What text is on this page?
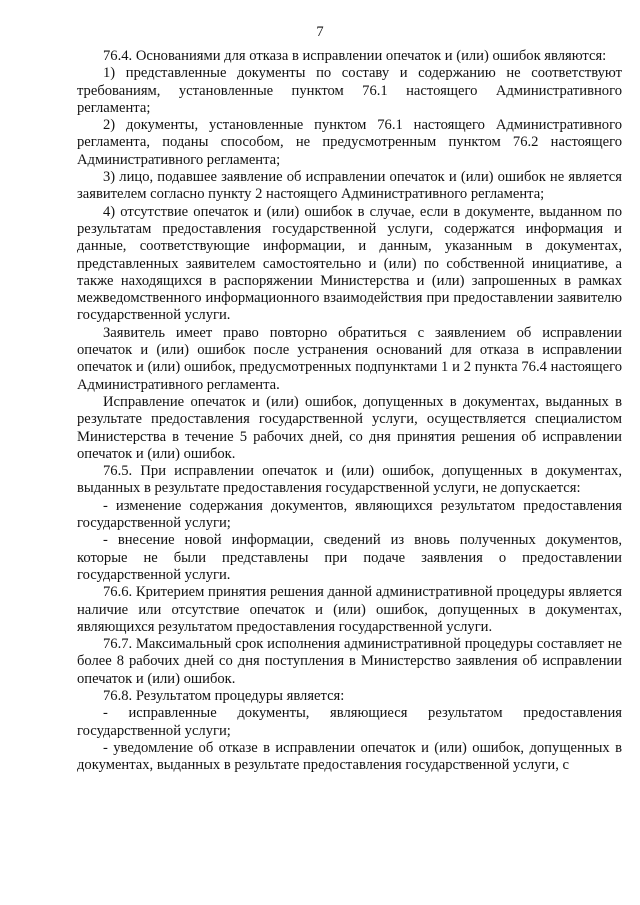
7

76.4. Основаниями для отказа в исправлении опечаток и (или) ошибок являются:

1) представленные документы по составу и содержанию не соответствуют требованиям, установленные пунктом 76.1 настоящего Административного регламента;

2) документы, установленные пунктом 76.1 настоящего Административного регламента, поданы способом, не предусмотренным пунктом 76.2 настоящего Административного регламента;

3) лицо, подавшее заявление об исправлении опечаток и (или) ошибок не является заявителем согласно пункту 2 настоящего Административного регламента;

4) отсутствие опечаток и (или) ошибок в случае, если в документе, выданном по результатам предоставления государственной услуги, содержатся информация и данные, соответствующие информации, и данным, указанным в документах, представленных заявителем самостоятельно и (или) по собственной инициативе, а также находящихся в распоряжении Министерства и (или) запрошенных в рамках межведомственного информационного взаимодействия при предоставлении заявителю государственной услуги.

Заявитель имеет право повторно обратиться с заявлением об исправлении опечаток и (или) ошибок после устранения оснований для отказа в исправлении опечаток и (или) ошибок, предусмотренных подпунктами 1 и 2 пункта 76.4 настоящего Административного регламента.

Исправление опечаток и (или) ошибок, допущенных в документах, выданных в результате предоставления государственной услуги, осуществляется специалистом Министерства в течение 5 рабочих дней, со дня принятия решения об исправлении опечаток и (или) ошибок.

76.5. При исправлении опечаток и (или) ошибок, допущенных в документах, выданных в результате предоставления государственной услуги, не допускается:

- изменение содержания документов, являющихся результатом предоставления государственной услуги;

- внесение новой информации, сведений из вновь полученных документов, которые не были представлены при подаче заявления о предоставлении государственной услуги.

76.6. Критерием принятия решения данной административной процедуры является наличие или отсутствие опечаток и (или) ошибок, допущенных в документах, являющихся результатом предоставления государственной услуги.

76.7. Максимальный срок исполнения административной процедуры составляет не более 8 рабочих дней со дня поступления в Министерство заявления об исправлении опечаток и (или) ошибок.

76.8. Результатом процедуры является:

- исправленные документы, являющиеся результатом предоставления государственной услуги;

- уведомление об отказе в исправлении опечаток и (или) ошибок, допущенных в документах, выданных в результате предоставления государственной услуги, с
